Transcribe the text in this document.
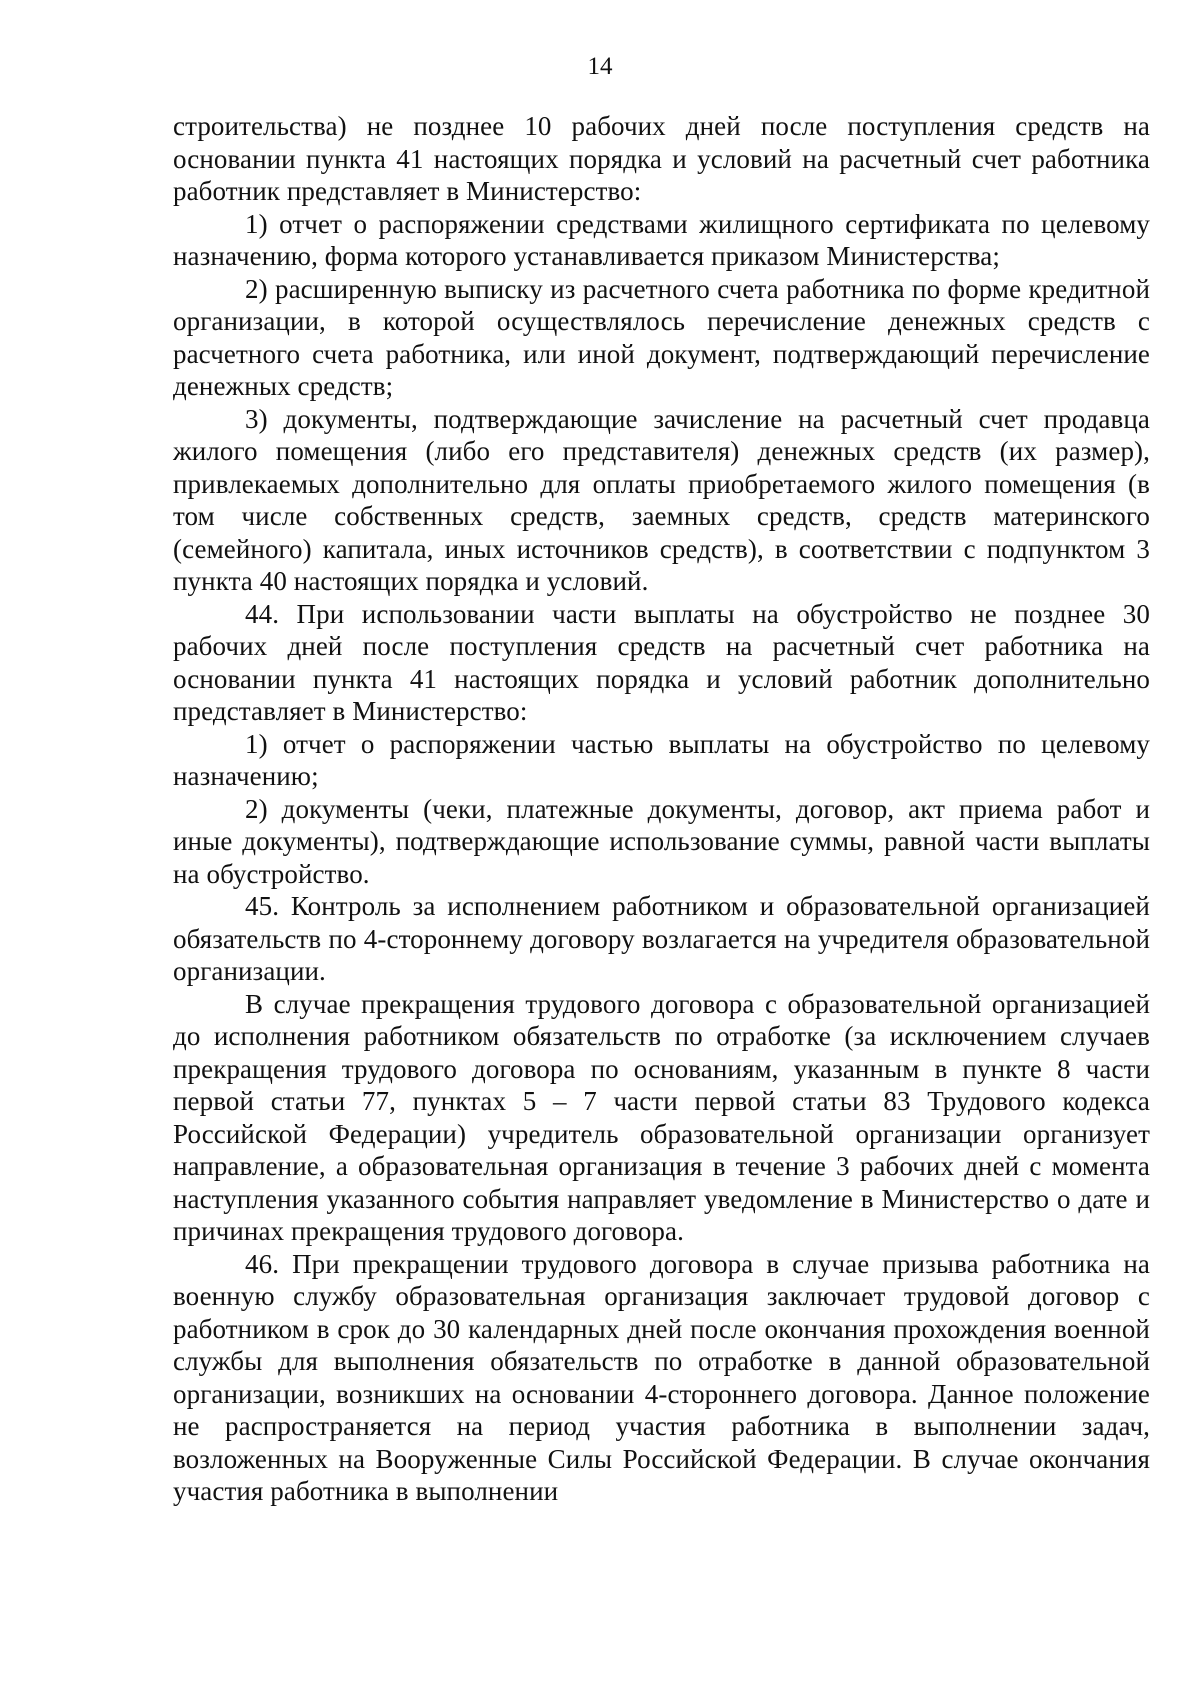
14

строительства) не позднее 10 рабочих дней после поступления средств на основании пункта 41 настоящих порядка и условий на расчетный счет работника работник представляет в Министерство:

1) отчет о распоряжении средствами жилищного сертификата по целевому назначению, форма которого устанавливается приказом Министерства;

2) расширенную выписку из расчетного счета работника по форме кредитной организации, в которой осуществлялось перечисление денежных средств с расчетного счета работника, или иной документ, подтверждающий перечисление денежных средств;

3) документы, подтверждающие зачисление на расчетный счет продавца жилого помещения (либо его представителя) денежных средств (их размер), привлекаемых дополнительно для оплаты приобретаемого жилого помещения (в том числе собственных средств, заемных средств, средств материнского (семейного) капитала, иных источников средств), в соответствии с подпунктом 3 пункта 40 настоящих порядка и условий.

44. При использовании части выплаты на обустройство не позднее 30 рабочих дней после поступления средств на расчетный счет работника на основании пункта 41 настоящих порядка и условий работник дополнительно представляет в Министерство:

1) отчет о распоряжении частью выплаты на обустройство по целевому назначению;

2) документы (чеки, платежные документы, договор, акт приема работ и иные документы), подтверждающие использование суммы, равной части выплаты на обустройство.

45. Контроль за исполнением работником и образовательной организацией обязательств по 4-стороннему договору возлагается на учредителя образовательной организации.

В случае прекращения трудового договора с образовательной организацией до исполнения работником обязательств по отработке (за исключением случаев прекращения трудового договора по основаниям, указанным в пункте 8 части первой статьи 77, пунктах 5 – 7 части первой статьи 83 Трудового кодекса Российской Федерации) учредитель образовательной организации организует направление, а образовательная организация в течение 3 рабочих дней с момента наступления указанного события направляет уведомление в Министерство о дате и причинах прекращения трудового договора.

46. При прекращении трудового договора в случае призыва работника на военную службу образовательная организация заключает трудовой договор с работником в срок до 30 календарных дней после окончания прохождения военной службы для выполнения обязательств по отработке в данной образовательной организации, возникших на основании 4-стороннего договора. Данное положение не распространяется на период участия работника в выполнении задач, возложенных на Вооруженные Силы Российской Федерации. В случае окончания участия работника в выполнении
